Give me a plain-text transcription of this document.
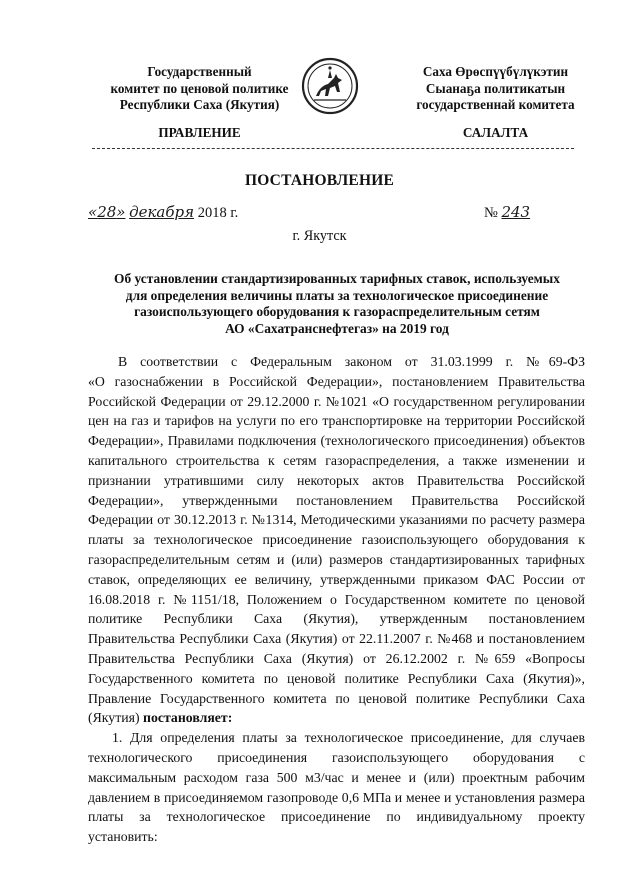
Государственный
комитет по ценовой политике
Республики Саха (Якутия)
Саха Өрөспүүбүлүкэтин
Сыанаҕа политикатын
государственнай комитета
ПРАВЛЕНИЕ	САЛАЛТА
ПОСТАНОВЛЕНИЕ
«28» декабря 2018 г.	№ 243
г. Якутск
Об установлении стандартизированных тарифных ставок, используемых
для определения величины платы за технологическое присоединение
газоиспользующего оборудования к газораспределительным сетям
АО «Сахатранснефтегаз» на 2019 год
В соответствии с Федеральным законом от 31.03.1999 г. №69-ФЗ
«О газоснабжении в Российской Федерации», постановлением Правительства
Российской Федерации от 29.12.2000 г. №1021 «О государственном регулировании
цен на газ и тарифов на услуги по его транспортировке на территории Российской
Федерации», Правилами подключения (технологического присоединения) объектов
капитального строительства к сетям газораспределения, а также изменении и
признании утратившими силу некоторых актов Правительства Российской
Федерации», утвержденными постановлением Правительства Российской
Федерации от 30.12.2013 г. №1314, Методическими указаниями по расчету размера
платы за технологическое присоединение газоиспользующего оборудования к
газораспределительным сетям и (или) размеров стандартизированных тарифных
ставок, определяющих ее величину, утвержденными приказом ФАС России от
16.08.2018 г. №1151/18, Положением о Государственном комитете по ценовой
политике Республики Саха (Якутия), утвержденным постановлением
Правительства Республики Саха (Якутия) от 22.11.2007 г. №468 и постановлением
Правительства Республики Саха (Якутия) от 26.12.2002 г. №659 «Вопросы
Государственного комитета по ценовой политике Республики Саха (Якутия)»,
Правление Государственного комитета по ценовой политике Республики Саха
(Якутия) постановляет:
1. Для определения платы за технологическое присоединение, для случаев
технологического присоединения газоиспользующего оборудования с
максимальным расходом газа 500 м3/час и менее и (или) проектным рабочим
давлением в присоединяемом газопроводе 0,6 МПа и менее и установления размера
платы за технологическое присоединение по индивидуальному проекту
установить:
